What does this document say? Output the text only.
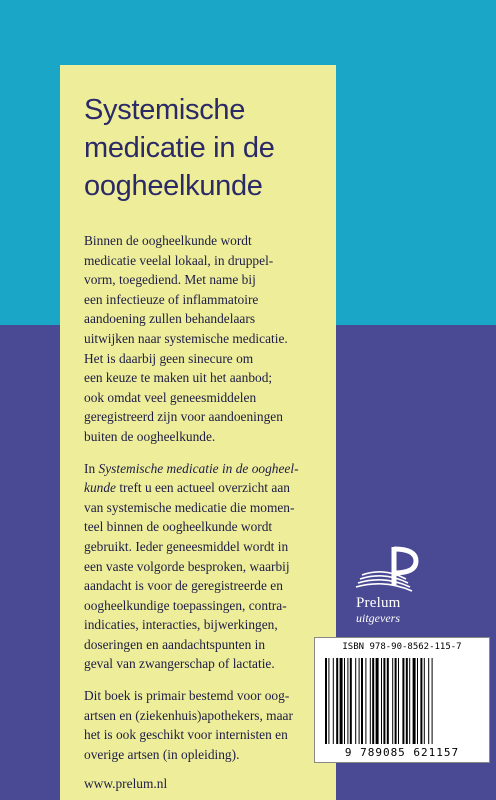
Systemische
medicatie in de
oogheelkunde
Binnen de oogheelkunde wordt
medicatie veelal lokaal, in druppel-
vorm, toegediend. Met name bij
een infectieuze of inflammatoire
aandoening zullen behandelaars
uitwijken naar systemische medicatie.
Het is daarbij geen sinecure om
een keuze te maken uit het aanbod;
ook omdat veel geneesmiddelen
geregistreerd zijn voor aandoeningen
buiten de oogheelkunde.
In Systemische medicatie in de oogheel-
kunde treft u een actueel overzicht aan
van systemische medicatie die momen-
teel binnen de oogheelkunde wordt
gebruikt. Ieder geneesmiddel wordt in
een vaste volgorde besproken, waarbij
aandacht is voor de geregistreerde en
oogheelkundige toepassingen, contra-
indicaties, interacties, bijwerkingen,
doseringen en aandachtspunten in
geval van zwangerschap of lactatie.
Dit boek is primair bestemd voor oog-
artsen en (ziekenhuis)apothekers, maar
het is ook geschikt voor internisten en
overige artsen (in opleiding).
www.prelum.nl
Prelum
uitgevers
ISBN 978-90-8562-115-7
9 789085 621157
